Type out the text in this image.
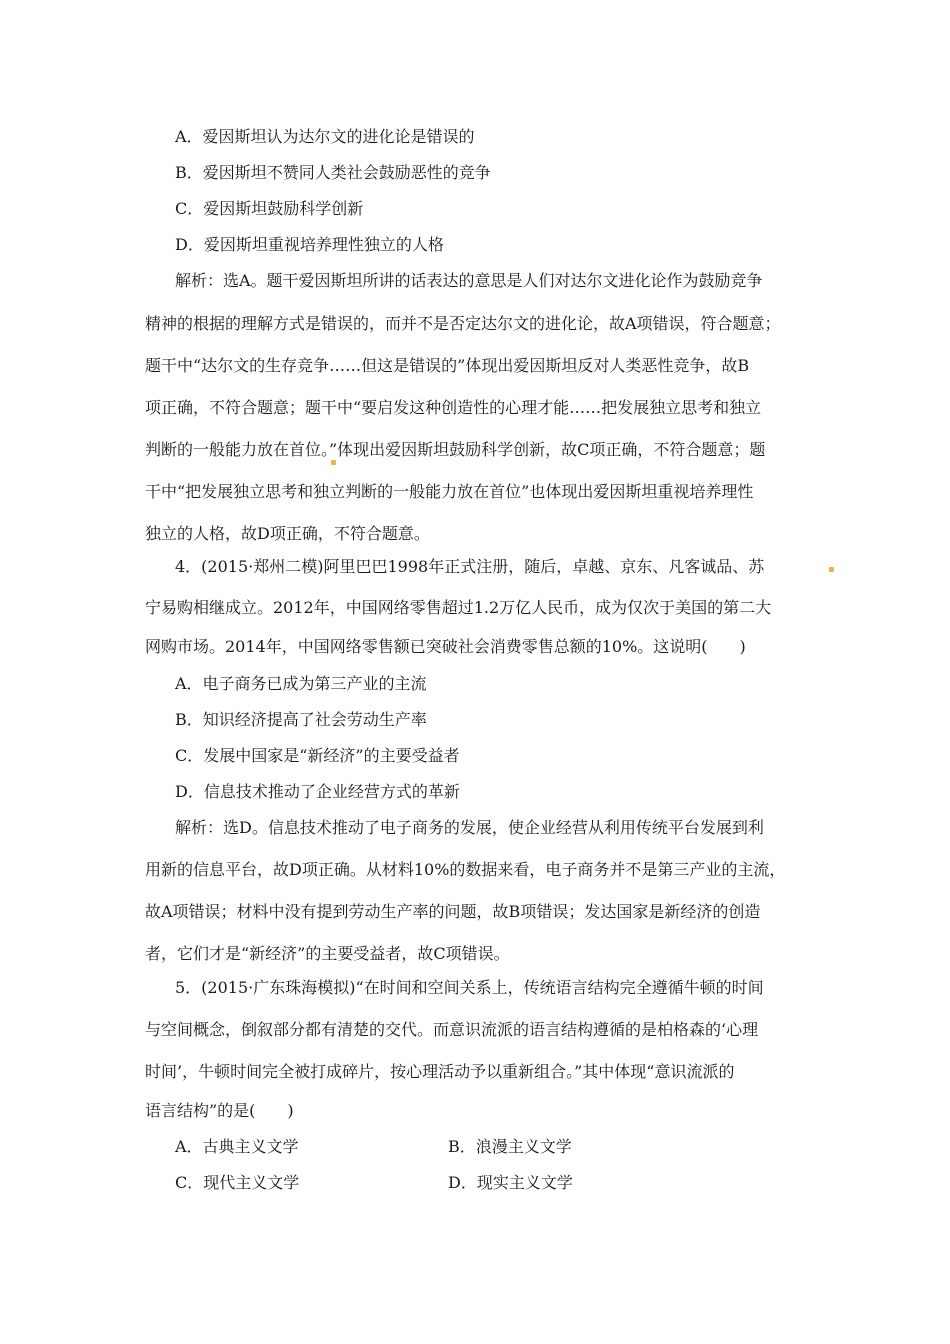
A．爱因斯坦认为达尔文的进化论是错误的
B．爱因斯坦不赞同人类社会鼓励恶性的竞争
C．爱因斯坦鼓励科学创新
D．爱因斯坦重视培养理性独立的人格
解析：选A。题干爱因斯坦所讲的话表达的意思是人们对达尔文进化论作为鼓励竞争
精神的根据的理解方式是错误的，而并不是否定达尔文的进化论，故A项错误，符合题意；
题干中“达尔文的生存竞争……但这是错误的”体现出爱因斯坦反对人类恶性竞争，故B
项正确，不符合题意；题干中“要启发这种创造性的心理才能……把发展独立思考和独立
判断的一般能力放在首位。”体现出爱因斯坦鼓励科学创新，故C项正确，不符合题意；题
干中“把发展独立思考和独立判断的一般能力放在首位”也体现出爱因斯坦重视培养理性
独立的人格，故D项正确，不符合题意。
4．(2015·郑州二模)阿里巴巴1998年正式注册，随后，卓越、京东、凡客诚品、苏
宁易购相继成立。2012年，中国网络零售超过1.2万亿人民币，成为仅次于美国的第二大
网购市场。2014年，中国网络零售额已突破社会消费零售总额的10%。这说明(　　)
A．电子商务已成为第三产业的主流
B．知识经济提高了社会劳动生产率
C．发展中国家是“新经济”的主要受益者
D．信息技术推动了企业经营方式的革新
解析：选D。信息技术推动了电子商务的发展，使企业经营从利用传统平台发展到利
用新的信息平台，故D项正确。从材料10%的数据来看，电子商务并不是第三产业的主流，
故A项错误；材料中没有提到劳动生产率的问题，故B项错误；发达国家是新经济的创造
者，它们才是“新经济”的主要受益者，故C项错误。
5．(2015·广东珠海模拟)“在时间和空间关系上，传统语言结构完全遵循牛顿的时间
与空间概念，倒叙部分都有清楚的交代。而意识流派的语言结构遵循的是柏格森的‘心理
时间’，牛顿时间完全被打成碎片，按心理活动予以重新组合。”其中体现“意识流派的
语言结构”的是(　　)
A．古典主义文学	B．浪漫主义文学
C．现代主义文学	D．现实主义文学
